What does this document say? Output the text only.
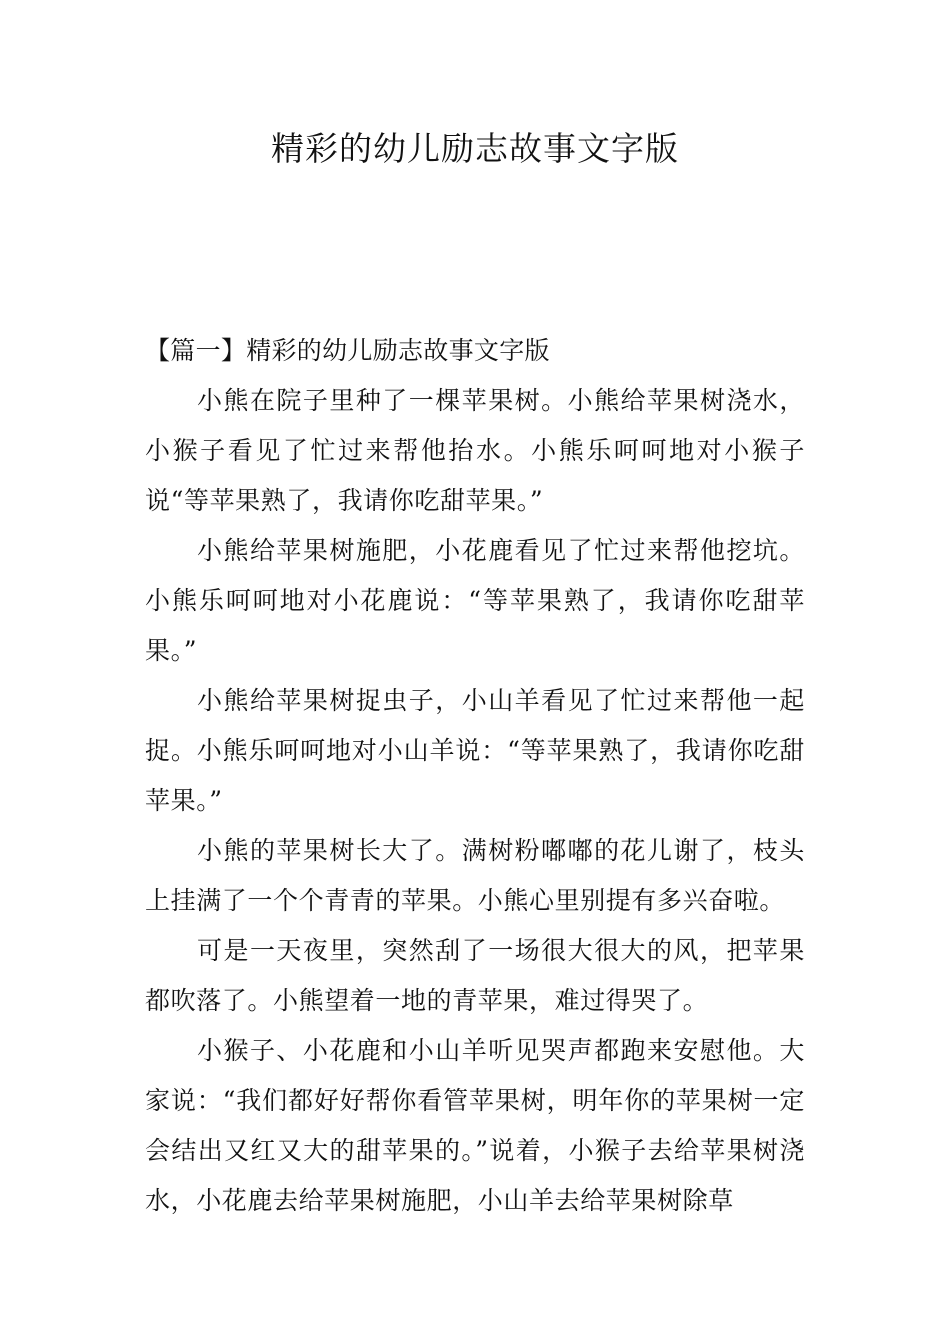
精彩的幼儿励志故事文字版

【篇一】精彩的幼儿励志故事文字版

小熊在院子里种了一棵苹果树。小熊给苹果树浇水，小猴子看见了忙过来帮他抬水。小熊乐呵呵地对小猴子说“等苹果熟了，我请你吃甜苹果。”

小熊给苹果树施肥，小花鹿看见了忙过来帮他挖坑。小熊乐呵呵地对小花鹿说：“等苹果熟了，我请你吃甜苹果。”

小熊给苹果树捉虫子，小山羊看见了忙过来帮他一起捉。小熊乐呵呵地对小山羊说：“等苹果熟了，我请你吃甜苹果。”

小熊的苹果树长大了。满树粉嘟嘟的花儿谢了，枝头上挂满了一个个青青的苹果。小熊心里别提有多兴奋啦。

可是一天夜里，突然刮了一场很大很大的风，把苹果都吹落了。小熊望着一地的青苹果，难过得哭了。

小猴子、小花鹿和小山羊听见哭声都跑来安慰他。大家说：“我们都好好帮你看管苹果树，明年你的苹果树一定会结出又红又大的甜苹果的。”说着，小猴子去给苹果树浇水，小花鹿去给苹果树施肥，小山羊去给苹果树除草
